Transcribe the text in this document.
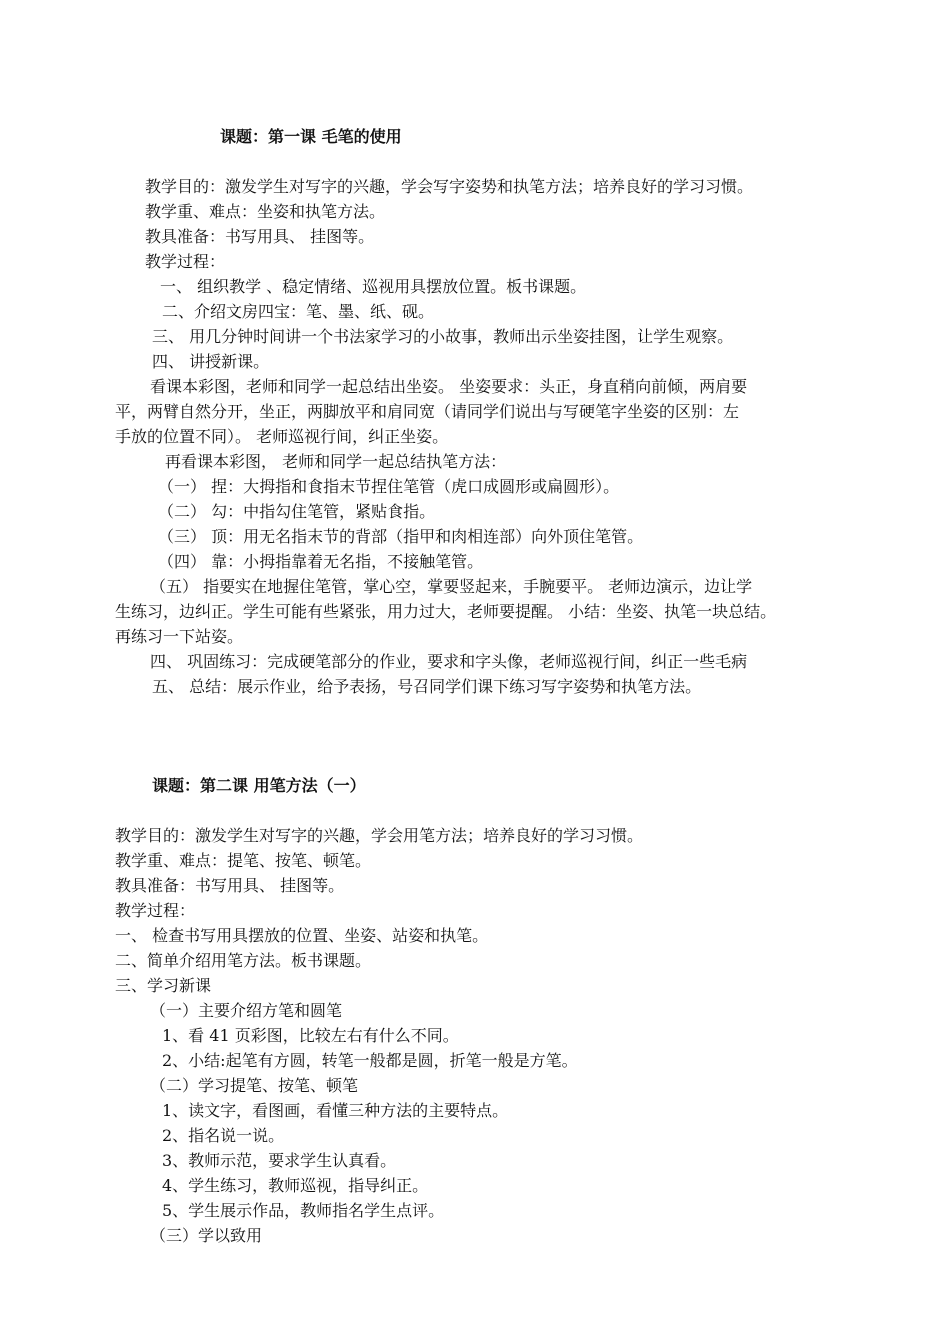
课题：第一课 毛笔的使用
教学目的：激发学生对写字的兴趣，学会写字姿势和执笔方法；培养良好的学习习惯。
教学重、难点：坐姿和执笔方法。
教具准备：书写用具、 挂图等。
教学过程：
一、 组织教学 、稳定情绪、巡视用具摆放位置。板书课题。
二、介绍文房四宝：笔、墨、纸、砚。
三、 用几分钟时间讲一个书法家学习的小故事，教师出示坐姿挂图，让学生观察。
四、 讲授新课。
看课本彩图，老师和同学一起总结出坐姿。 坐姿要求：头正，身直稍向前倾，两肩要
平，两臂自然分开，坐正，两脚放平和肩同宽（请同学们说出与写硬笔字坐姿的区别：左
手放的位置不同）。 老师巡视行间，纠正坐姿。
再看课本彩图， 老师和同学一起总结执笔方法：
（一） 捏：大拇指和食指末节捏住笔管（虎口成圆形或扁圆形）。
（二） 勾：中指勾住笔管，紧贴食指。
（三） 顶：用无名指末节的背部（指甲和肉相连部）向外顶住笔管。
（四） 靠：小拇指靠着无名指，不接触笔管。
（五） 指要实在地握住笔管，掌心空，掌要竖起来，手腕要平。 老师边演示，边让学
生练习，边纠正。学生可能有些紧张，用力过大，老师要提醒。 小结：坐姿、执笔一块总结。
再练习一下站姿。
四、 巩固练习：完成硬笔部分的作业，要求和字头像，老师巡视行间，纠正一些毛病
五、 总结：展示作业，给予表扬，号召同学们课下练习写字姿势和执笔方法。
课题：第二课 用笔方法（一）
教学目的：激发学生对写字的兴趣，学会用笔方法；培养良好的学习习惯。
教学重、难点：提笔、按笔、顿笔。
教具准备：书写用具、 挂图等。
教学过程：
一、 检查书写用具摆放的位置、坐姿、站姿和执笔。
二、简单介绍用笔方法。板书课题。
三、学习新课
（一）主要介绍方笔和圆笔
1、看 41 页彩图，比较左右有什么不同。
2、小结:起笔有方圆，转笔一般都是圆，折笔一般是方笔。
（二）学习提笔、按笔、顿笔
1、读文字，看图画，看懂三种方法的主要特点。
2、指名说一说。
3、教师示范，要求学生认真看。
4、学生练习，教师巡视，指导纠正。
5、学生展示作品，教师指名学生点评。
（三）学以致用
